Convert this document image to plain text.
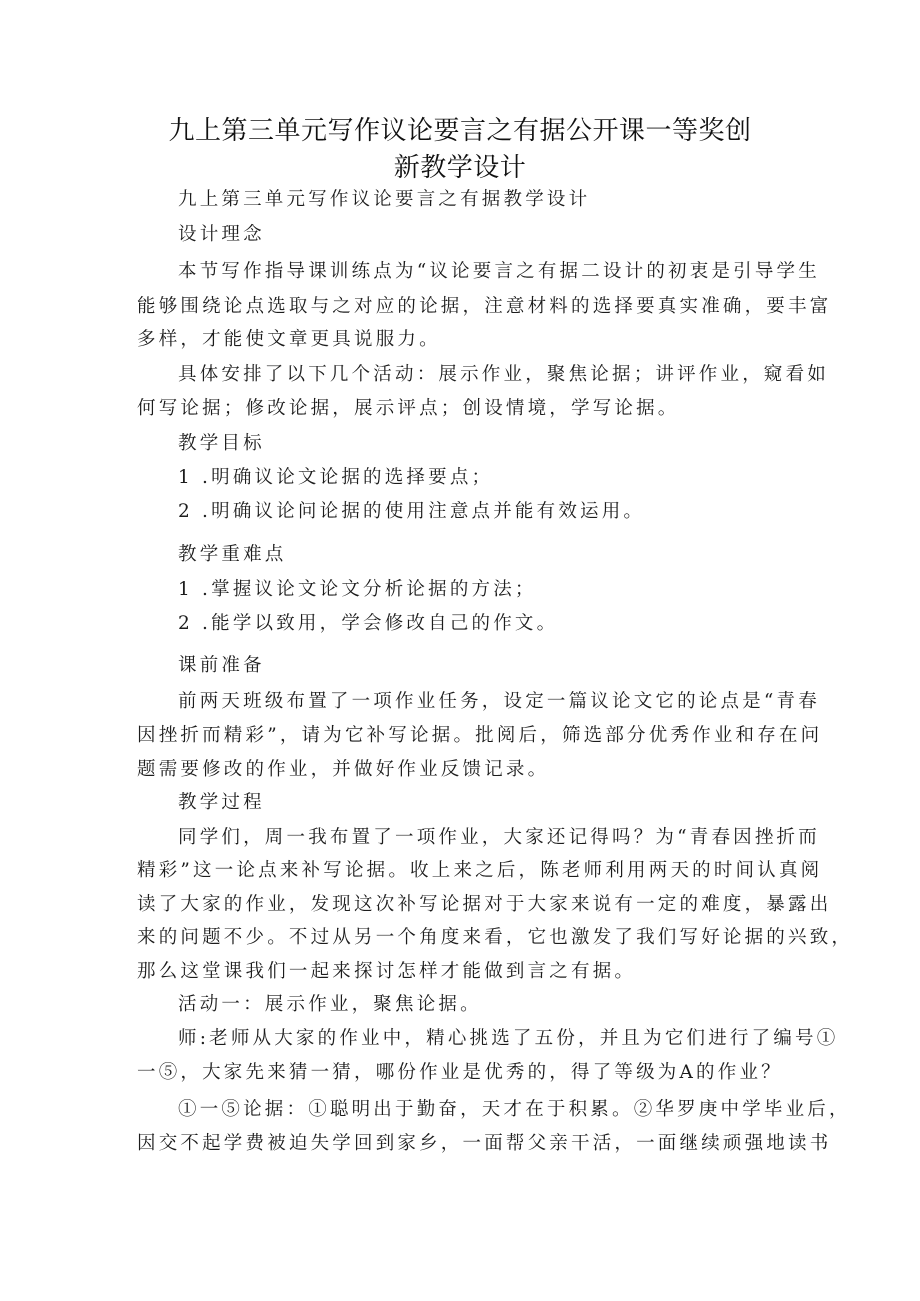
九上第三单元写作议论要言之有据公开课一等奖创
新教学设计
九上第三单元写作议论要言之有据教学设计
设计理念
本节写作指导课训练点为“议论要言之有据二设计的初衷是引导学生
能够围绕论点选取与之对应的论据，注意材料的选择要真实准确，要丰富
多样，才能使文章更具说服力。
具体安排了以下几个活动：展示作业，聚焦论据；讲评作业，窥看如
何写论据；修改论据，展示评点；创设情境，学写论据。
教学目标
1 .明确议论文论据的选择要点；
2 .明确议论问论据的使用注意点并能有效运用。
教学重难点
1 .掌握议论文论文分析论据的方法；
2 .能学以致用，学会修改自己的作文。
课前准备
前两天班级布置了一项作业任务，设定一篇议论文它的论点是“青春
因挫折而精彩”，请为它补写论据。批阅后，筛选部分优秀作业和存在问
题需要修改的作业，并做好作业反馈记录。
教学过程
同学们，周一我布置了一项作业，大家还记得吗？为“青春因挫折而
精彩”这一论点来补写论据。收上来之后，陈老师利用两天的时间认真阅
读了大家的作业，发现这次补写论据对于大家来说有一定的难度，暴露出
来的问题不少。不过从另一个角度来看，它也激发了我们写好论据的兴致，
那么这堂课我们一起来探讨怎样才能做到言之有据。
活动一：展示作业，聚焦论据。
师:老师从大家的作业中，精心挑选了五份，并且为它们进行了编号①
一⑤，大家先来猜一猜，哪份作业是优秀的，得了等级为A的作业？
①一⑤论据：①聪明出于勤奋，天才在于积累。②华罗庚中学毕业后，
因交不起学费被迫失学回到家乡，一面帮父亲干活，一面继续顽强地读书
